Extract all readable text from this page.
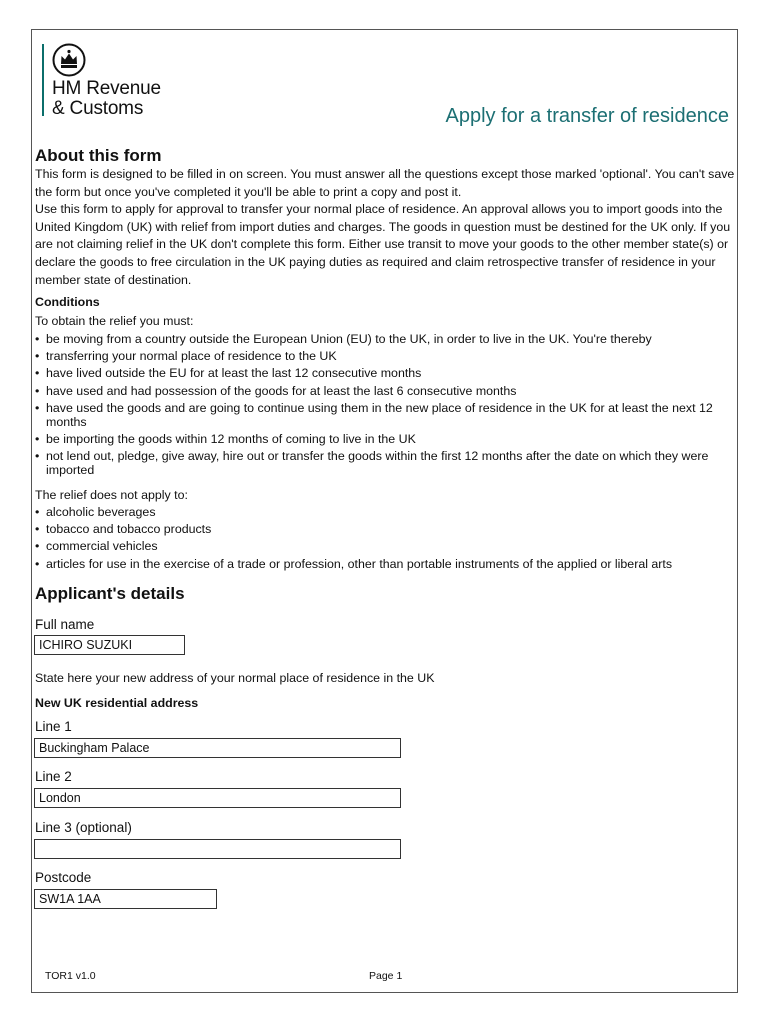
HM Revenue
& Customs	Apply for a transfer of residence
About this form

This form is designed to be filled in on screen. You must answer all the questions except those marked 'optional'. You can't save the form but once you've completed it you'll be able to print a copy and post it.

Use this form to apply for approval to transfer your normal place of residence. An approval allows you to import goods into the United Kingdom (UK) with relief from import duties and charges. The goods in question must be destined for the UK only. If you are not claiming relief in the UK don't complete this form. Either use transit to move your goods to the other member state(s) or declare the goods to free circulation in the UK paying duties as required and claim retrospective transfer of residence in your member state of destination.

Conditions
To obtain the relief you must:
• be moving from a country outside the European Union (EU) to the UK, in order to live in the UK. You're thereby
• transferring your normal place of residence to the UK
• have lived outside the EU for at least the last 12 consecutive months
• have used and had possession of the goods for at least the last 6 consecutive months
• have used the goods and are going to continue using them in the new place of residence in the UK for at least the next 12 months
• be importing the goods within 12 months of coming to live in the UK
• not lend out, pledge, give away, hire out or transfer the goods within the first 12 months after the date on which they were imported
The relief does not apply to:
• alcoholic beverages
• tobacco and tobacco products
• commercial vehicles
• articles for use in the exercise of a trade or profession, other than portable instruments of the applied or liberal arts
Applicant's details
Full name
ICHIRO SUZUKI
State here your new address of your normal place of residence in the UK
New UK residential address
Line 1
Buckingham Palace
Line 2
London
Line 3 (optional)
Postcode
SW1A 1AA
TOR1 v1.0	Page 1
